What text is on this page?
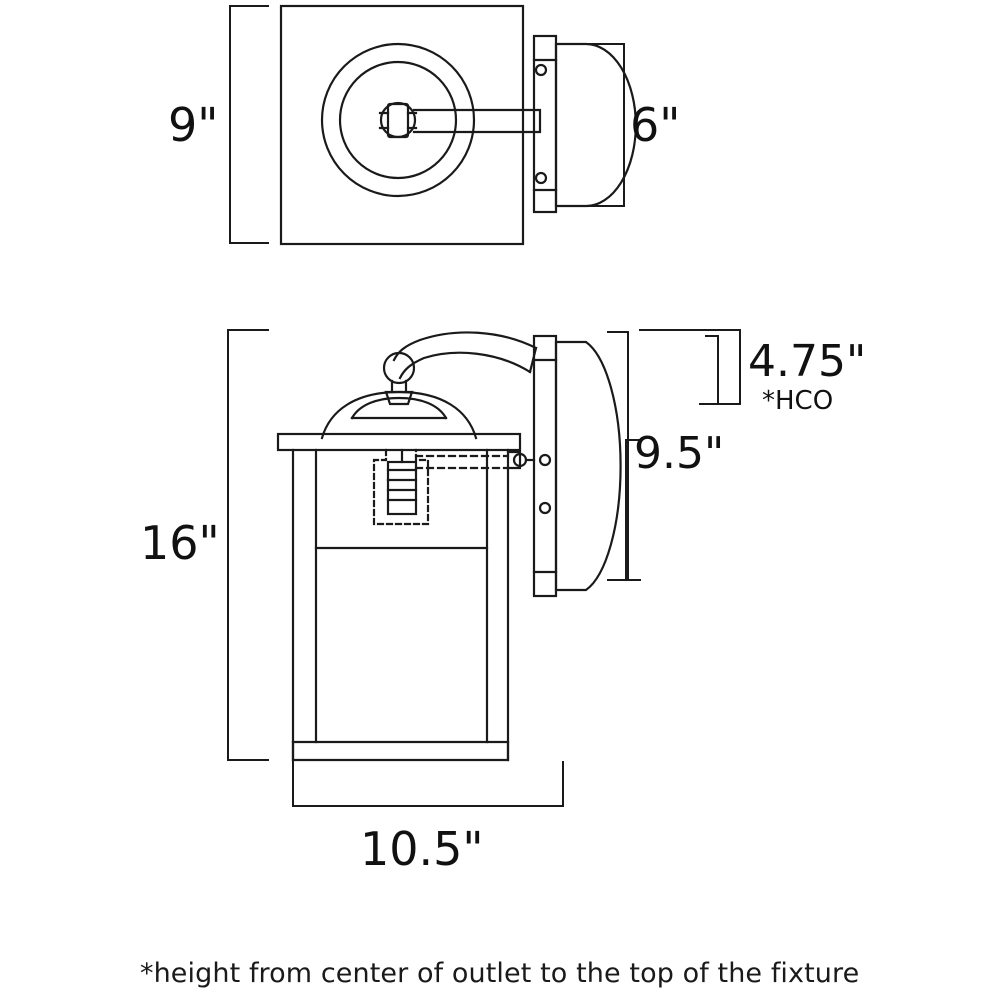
9"	6"
4.75"
*HCO
9.5"
16"
10.5"
*height from center of outlet to the top of the fixture
